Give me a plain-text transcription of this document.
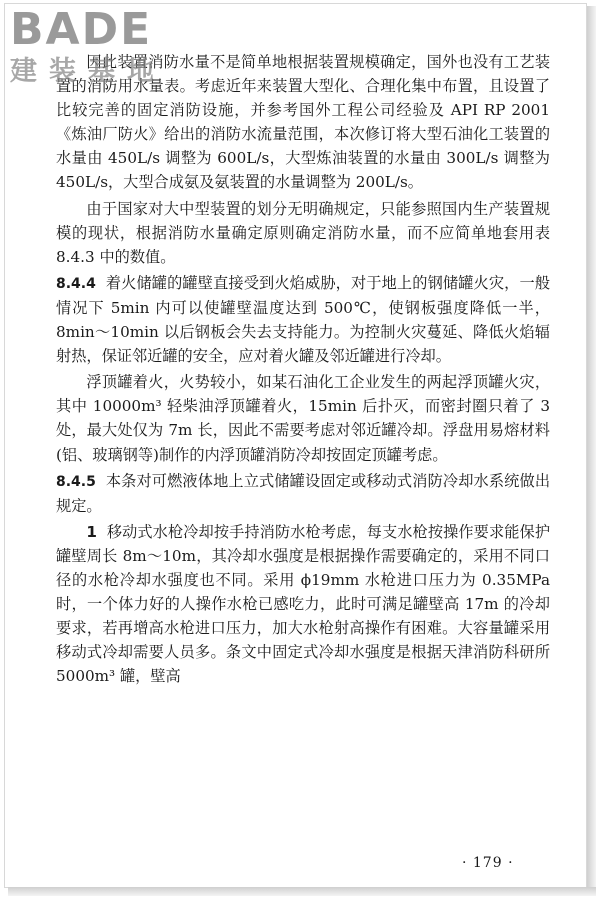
因此装置消防水量不是简单地根据装置规模确定，国外也没有工艺装置的消防用水量表。考虑近年来装置大型化、合理化集中布置，且设置了比较完善的固定消防设施，并参考国外工程公司经验及 API RP 2001《炼油厂防火》给出的消防水流量范围，本次修订将大型石油化工装置的水量由 450L/s 调整为 600L/s，大型炼油装置的水量由 300L/s 调整为 450L/s，大型合成氨及氨装置的水量调整为 200L/s。

由于国家对大中型装置的划分无明确规定，只能参照国内生产装置规模的现状，根据消防水量确定原则确定消防水量，而不应简单地套用表 8.4.3 中的数值。

8.4.4 着火储罐的罐壁直接受到火焰威胁，对于地上的钢储罐火灾，一般情况下 5min 内可以使罐壁温度达到 500℃，使钢板强度降低一半，8min～10min 以后钢板会失去支持能力。为控制火灾蔓延、降低火焰辐射热，保证邻近罐的安全，应对着火罐及邻近罐进行冷却。

浮顶罐着火，火势较小，如某石油化工企业发生的两起浮顶罐火灾，其中 10000m³ 轻柴油浮顶罐着火，15min 后扑灭，而密封圈只着了 3 处，最大处仅为 7m 长，因此不需要考虑对邻近罐冷却。浮盘用易熔材料(铝、玻璃钢等)制作的内浮顶罐消防冷却按固定顶罐考虑。

8.4.5 本条对可燃液体地上立式储罐设固定或移动式消防冷却水系统做出规定。

1 移动式水枪冷却按手持消防水枪考虑，每支水枪按操作要求能保护罐壁周长 8m～10m，其冷却水强度是根据操作需要确定的，采用不同口径的水枪冷却水强度也不同。采用 ϕ19mm 水枪进口压力为 0.35MPa 时，一个体力好的人操作水枪已感吃力，此时可满足罐壁高 17m 的冷却要求，若再增高水枪进口压力，加大水枪射高操作有困难。大容量罐采用移动式冷却需要人员多。条文中固定式冷却水强度是根据天津消防科研所 5000m³ 罐，壁高

BADE
建装基地
· 179 ·
